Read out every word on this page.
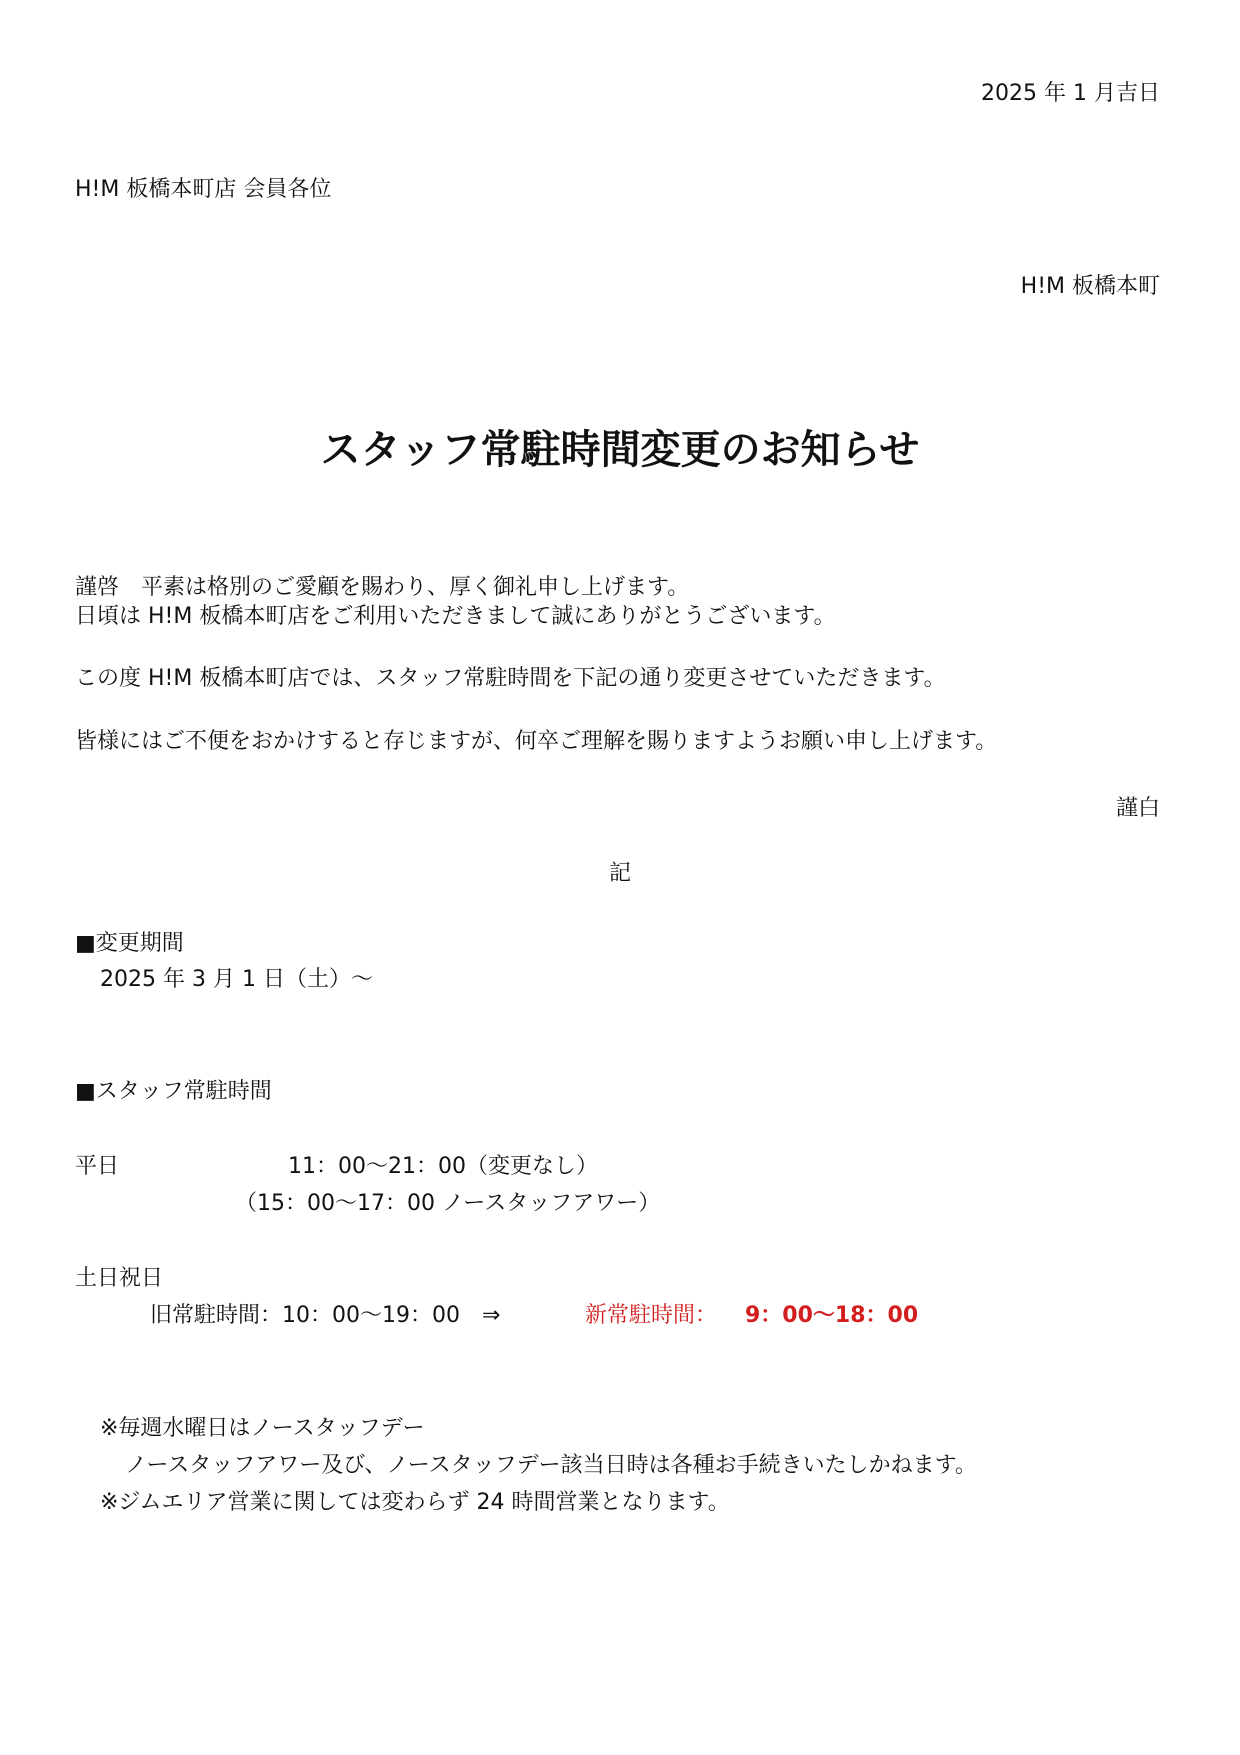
2025 年 1 月吉日
H!M 板橋本町店 会員各位
H!M 板橋本町
スタッフ常駐時間変更のお知らせ
謹啓　平素は格別のご愛顧を賜わり、厚く御礼申し上げます。
日頃は H!M 板橋本町店をご利用いただきまして誠にありがとうございます。
この度 H!M 板橋本町店では、スタッフ常駐時間を下記の通り変更させていただきます。
皆様にはご不便をおかけすると存じますが、何卒ご理解を賜りますようお願い申し上げます。
謹白
記
■変更期間
2025 年 3 月 1 日（土）～
■スタッフ常駐時間
平日	11：00～21：00（変更なし）
（15：00～17：00 ノースタッフアワー）
土日祝日
旧常駐時間：10：00～19：00　⇒	新常駐時間： 9：00～18：00
※毎週水曜日はノースタッフデー
ノースタッフアワー及び、ノースタッフデー該当日時は各種お手続きいたしかねます。
※ジムエリア営業に関しては変わらず 24 時間営業となります。
